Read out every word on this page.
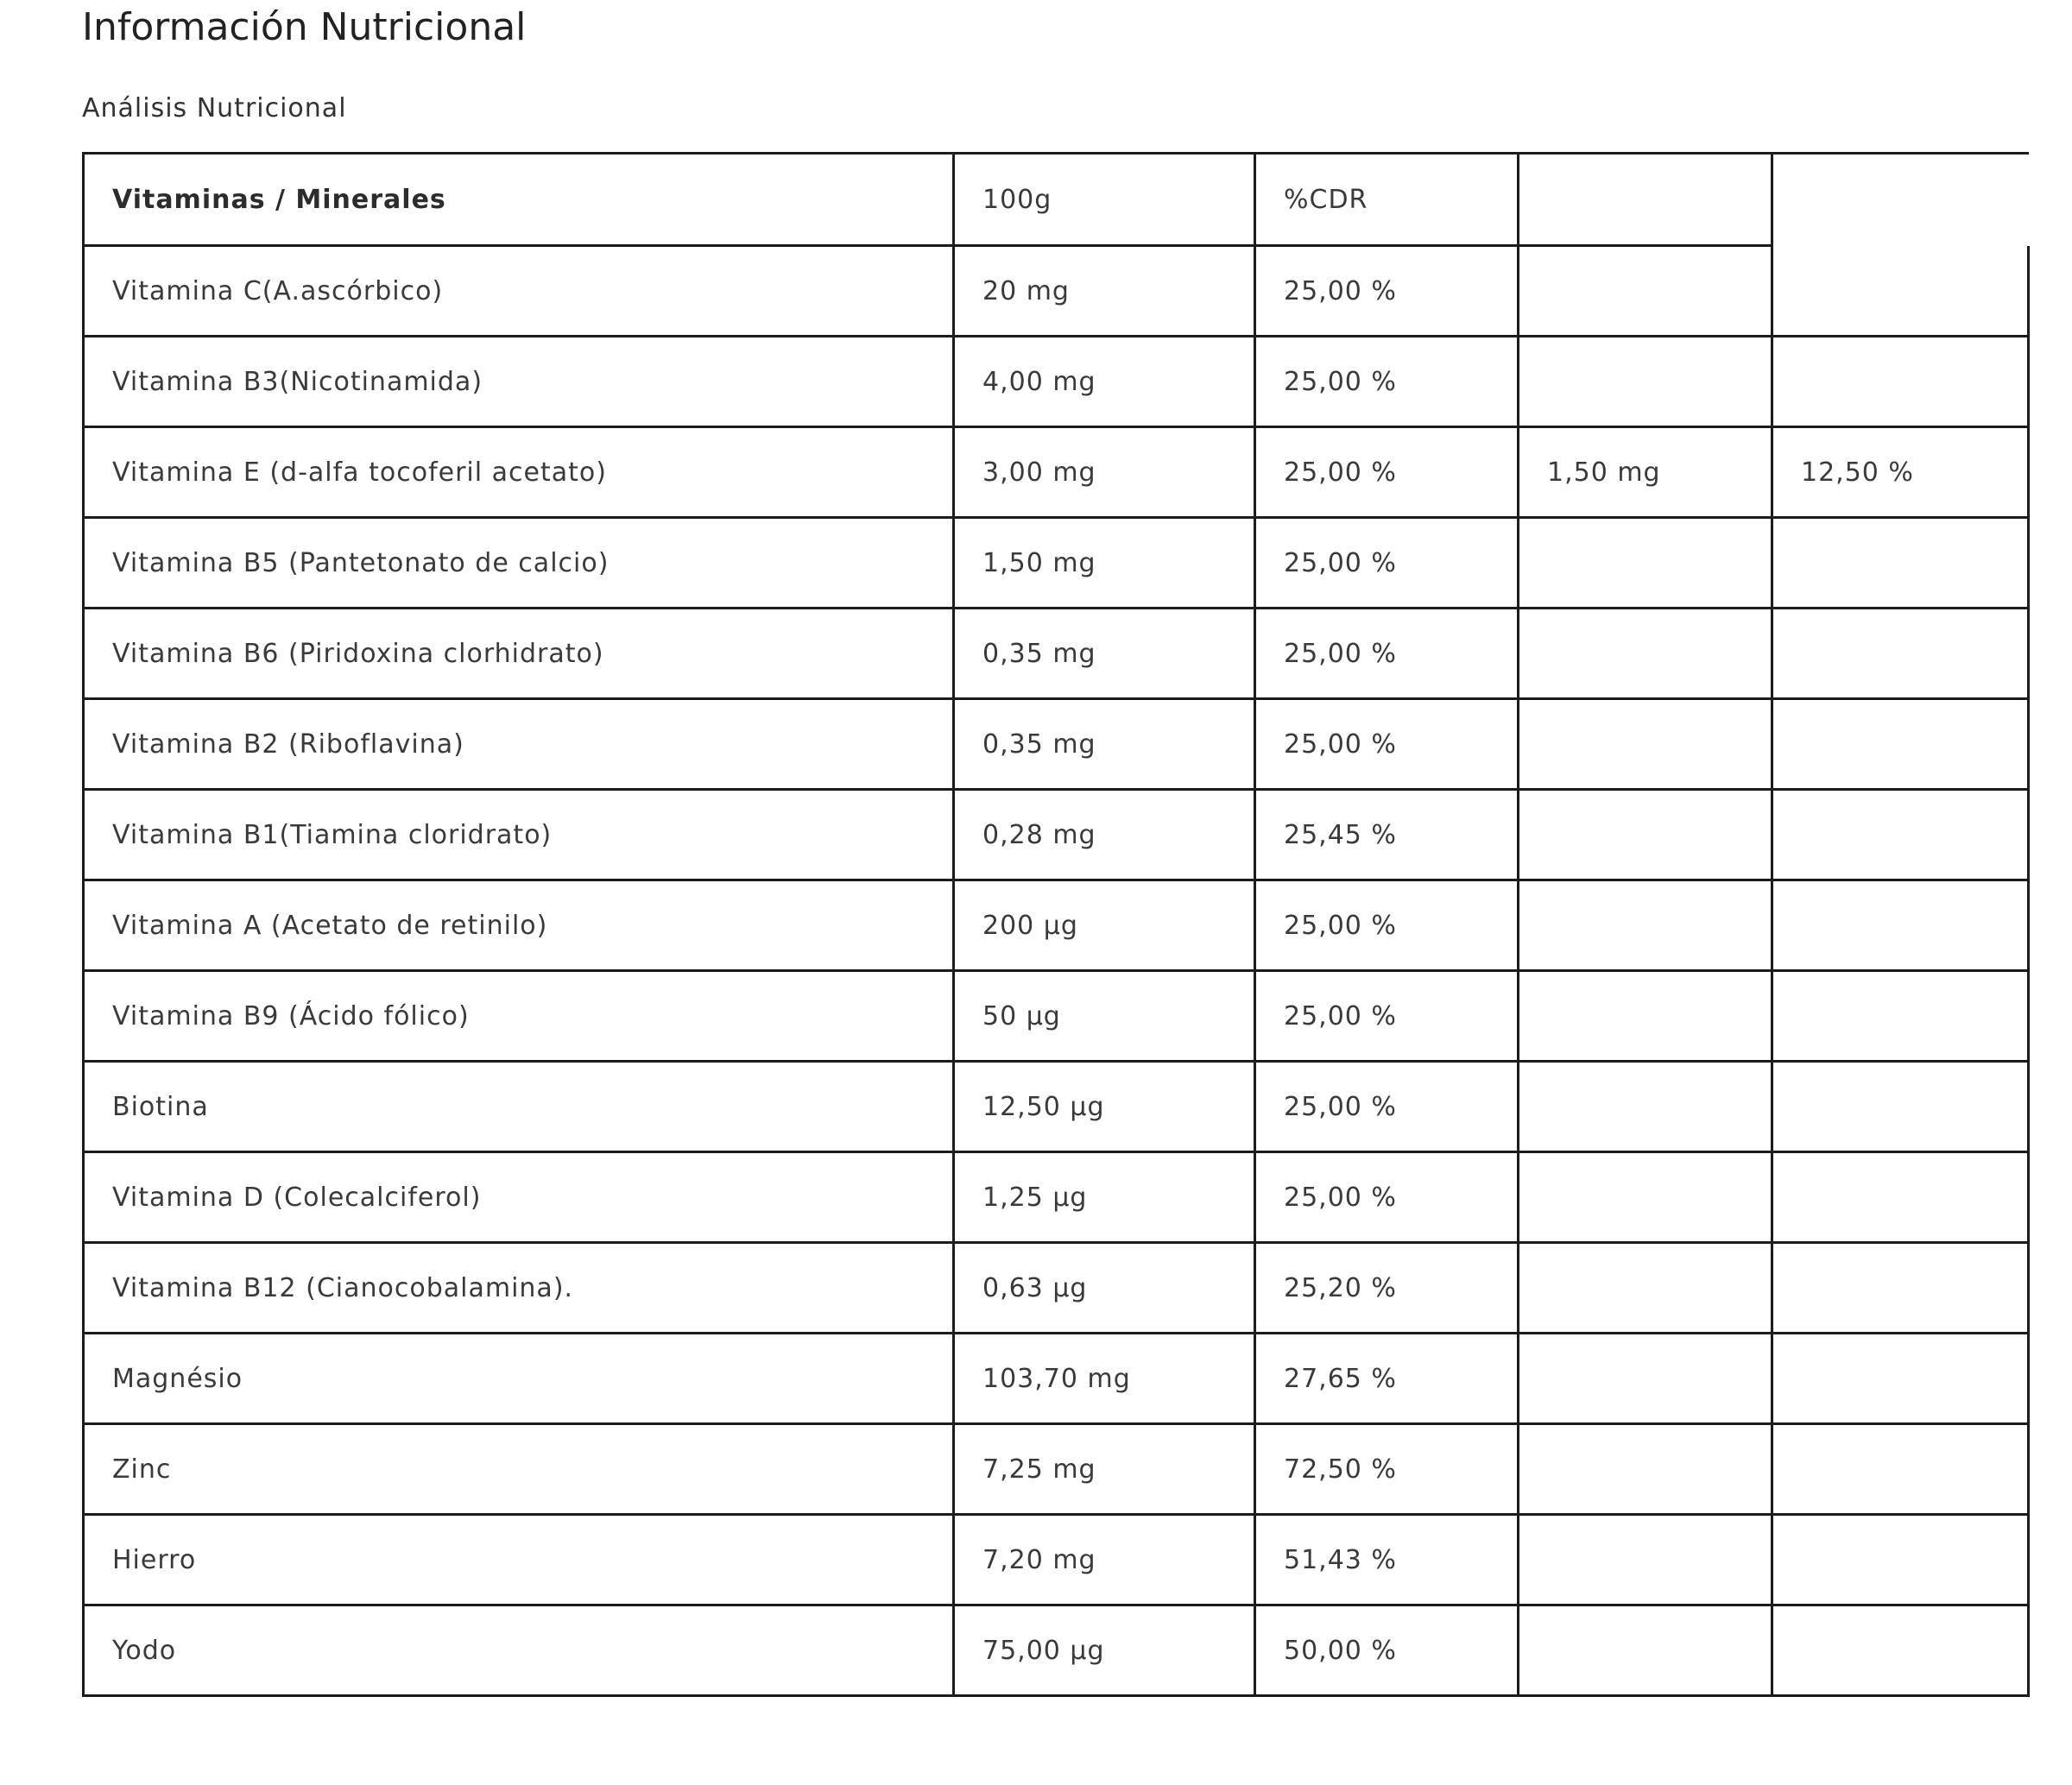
Información Nutricional

Análisis Nutricional

Vitaminas / Minerales	100g	%CDR		
Vitamina C(A.ascórbico)	20 mg	25,00 %		
Vitamina B3(Nicotinamida)	4,00 mg	25,00 %		
Vitamina E (d-alfa tocoferil acetato)	3,00 mg	25,00 %	1,50 mg	12,50 %
Vitamina B5 (Pantetonato de calcio)	1,50 mg	25,00 %		
Vitamina B6 (Piridoxina clorhidrato)	0,35 mg	25,00 %		
Vitamina B2 (Riboflavina)	0,35 mg	25,00 %		
Vitamina B1(Tiamina cloridrato)	0,28 mg	25,45 %		
Vitamina A (Acetato de retinilo)	200 µg	25,00 %		
Vitamina B9 (Ácido fólico)	50 µg	25,00 %		
Biotina	12,50 µg	25,00 %		
Vitamina D (Colecalciferol)	1,25 µg	25,00 %		
Vitamina B12 (Cianocobalamina).	0,63 µg	25,20 %		
Magnésio	103,70 mg	27,65 %		
Zinc	7,25 mg	72,50 %		
Hierro	7,20 mg	51,43 %		
Yodo	75,00 µg	50,00 %		
